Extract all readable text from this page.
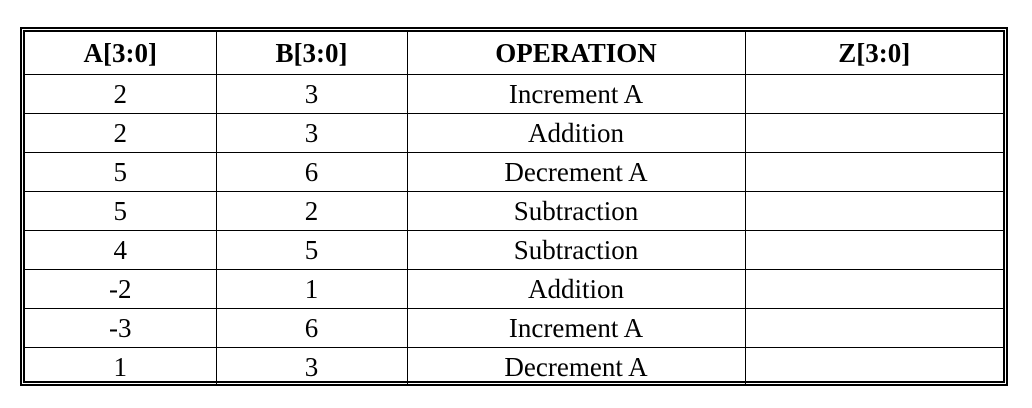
A[3:0]	B[3:0]	OPERATION	Z[3:0]
2	3	Increment A	
2	3	Addition	
5	6	Decrement A	
5	2	Subtraction	
4	5	Subtraction	
-2	1	Addition	
-3	6	Increment A	
1	3	Decrement A	
